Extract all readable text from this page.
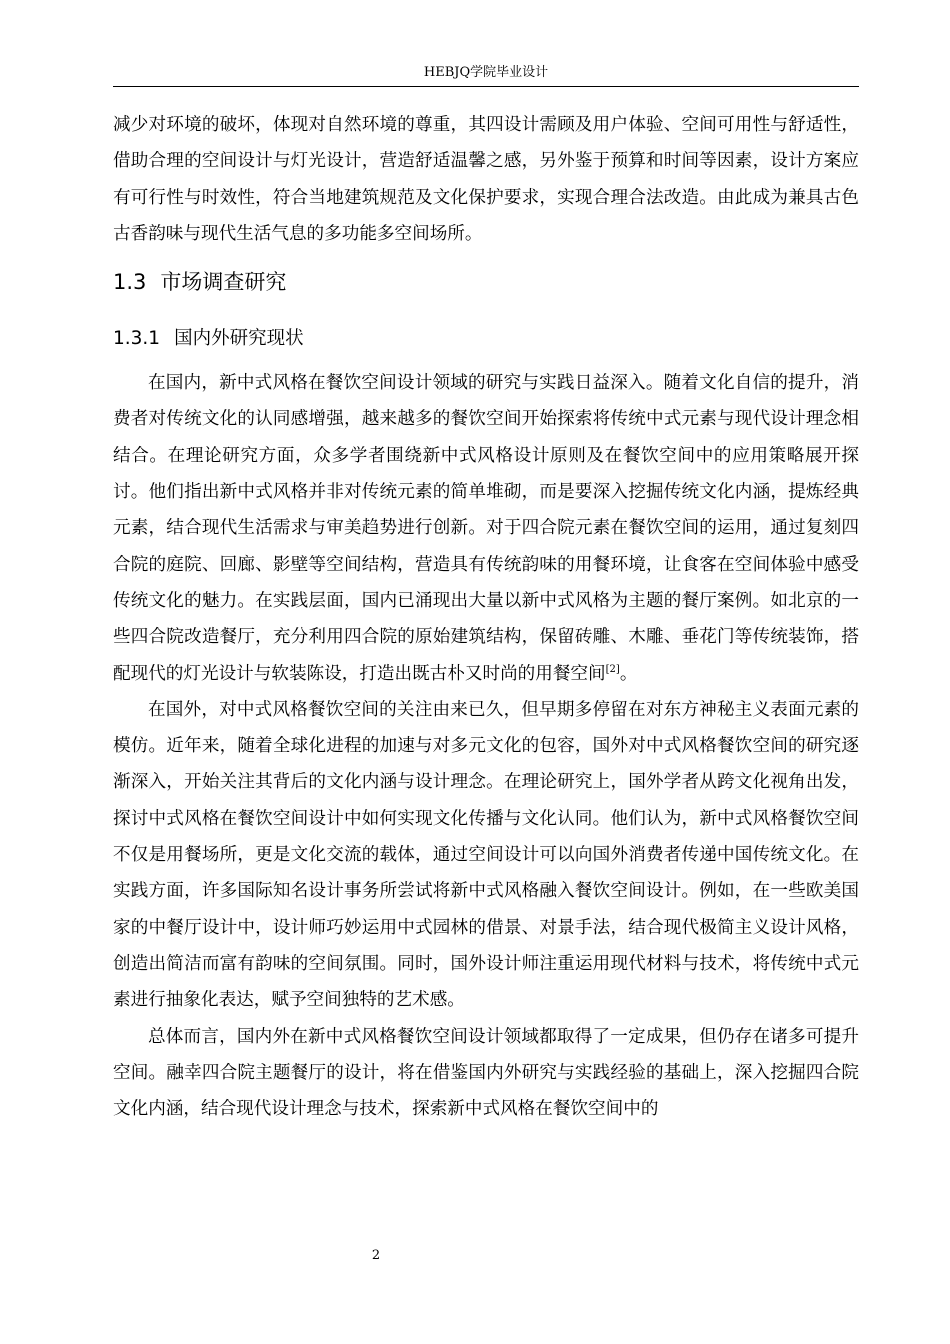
HEBJQ学院毕业设计

减少对环境的破坏，体现对自然环境的尊重，其四设计需顾及用户体验、空间可用性与舒适性，借助合理的空间设计与灯光设计，营造舒适温馨之感，另外鉴于预算和时间等因素，设计方案应有可行性与时效性，符合当地建筑规范及文化保护要求，实现合理合法改造。由此成为兼具古色古香韵味与现代生活气息的多功能多空间场所。

1.3 市场调查研究
1.3.1 国内外研究现状

在国内，新中式风格在餐饮空间设计领域的研究与实践日益深入。随着文化自信的提升，消费者对传统文化的认同感增强，越来越多的餐饮空间开始探索将传统中式元素与现代设计理念相结合。在理论研究方面，众多学者围绕新中式风格设计原则及在餐饮空间中的应用策略展开探讨。他们指出新中式风格并非对传统元素的简单堆砌，而是要深入挖掘传统文化内涵，提炼经典元素，结合现代生活需求与审美趋势进行创新。对于四合院元素在餐饮空间的运用，通过复刻四合院的庭院、回廊、影壁等空间结构，营造具有传统韵味的用餐环境，让食客在空间体验中感受传统文化的魅力。在实践层面，国内已涌现出大量以新中式风格为主题的餐厅案例。如北京的一些四合院改造餐厅，充分利用四合院的原始建筑结构，保留砖雕、木雕、垂花门等传统装饰，搭配现代的灯光设计与软装陈设，打造出既古朴又时尚的用餐空间[2]。

在国外，对中式风格餐饮空间的关注由来已久，但早期多停留在对东方神秘主义表面元素的模仿。近年来，随着全球化进程的加速与对多元文化的包容，国外对中式风格餐饮空间的研究逐渐深入，开始关注其背后的文化内涵与设计理念。在理论研究上，国外学者从跨文化视角出发，探讨中式风格在餐饮空间设计中如何实现文化传播与文化认同。他们认为，新中式风格餐饮空间不仅是用餐场所，更是文化交流的载体，通过空间设计可以向国外消费者传递中国传统文化。在实践方面，许多国际知名设计事务所尝试将新中式风格融入餐饮空间设计。例如，在一些欧美国家的中餐厅设计中，设计师巧妙运用中式园林的借景、对景手法，结合现代极简主义设计风格，创造出简洁而富有韵味的空间氛围。同时，国外设计师注重运用现代材料与技术，将传统中式元素进行抽象化表达，赋予空间独特的艺术感。

总体而言，国内外在新中式风格餐饮空间设计领域都取得了一定成果，但仍存在诸多可提升空间。融幸四合院主题餐厅的设计，将在借鉴国内外研究与实践经验的基础上，深入挖掘四合院文化内涵，结合现代设计理念与技术，探索新中式风格在餐饮空间中的

2
